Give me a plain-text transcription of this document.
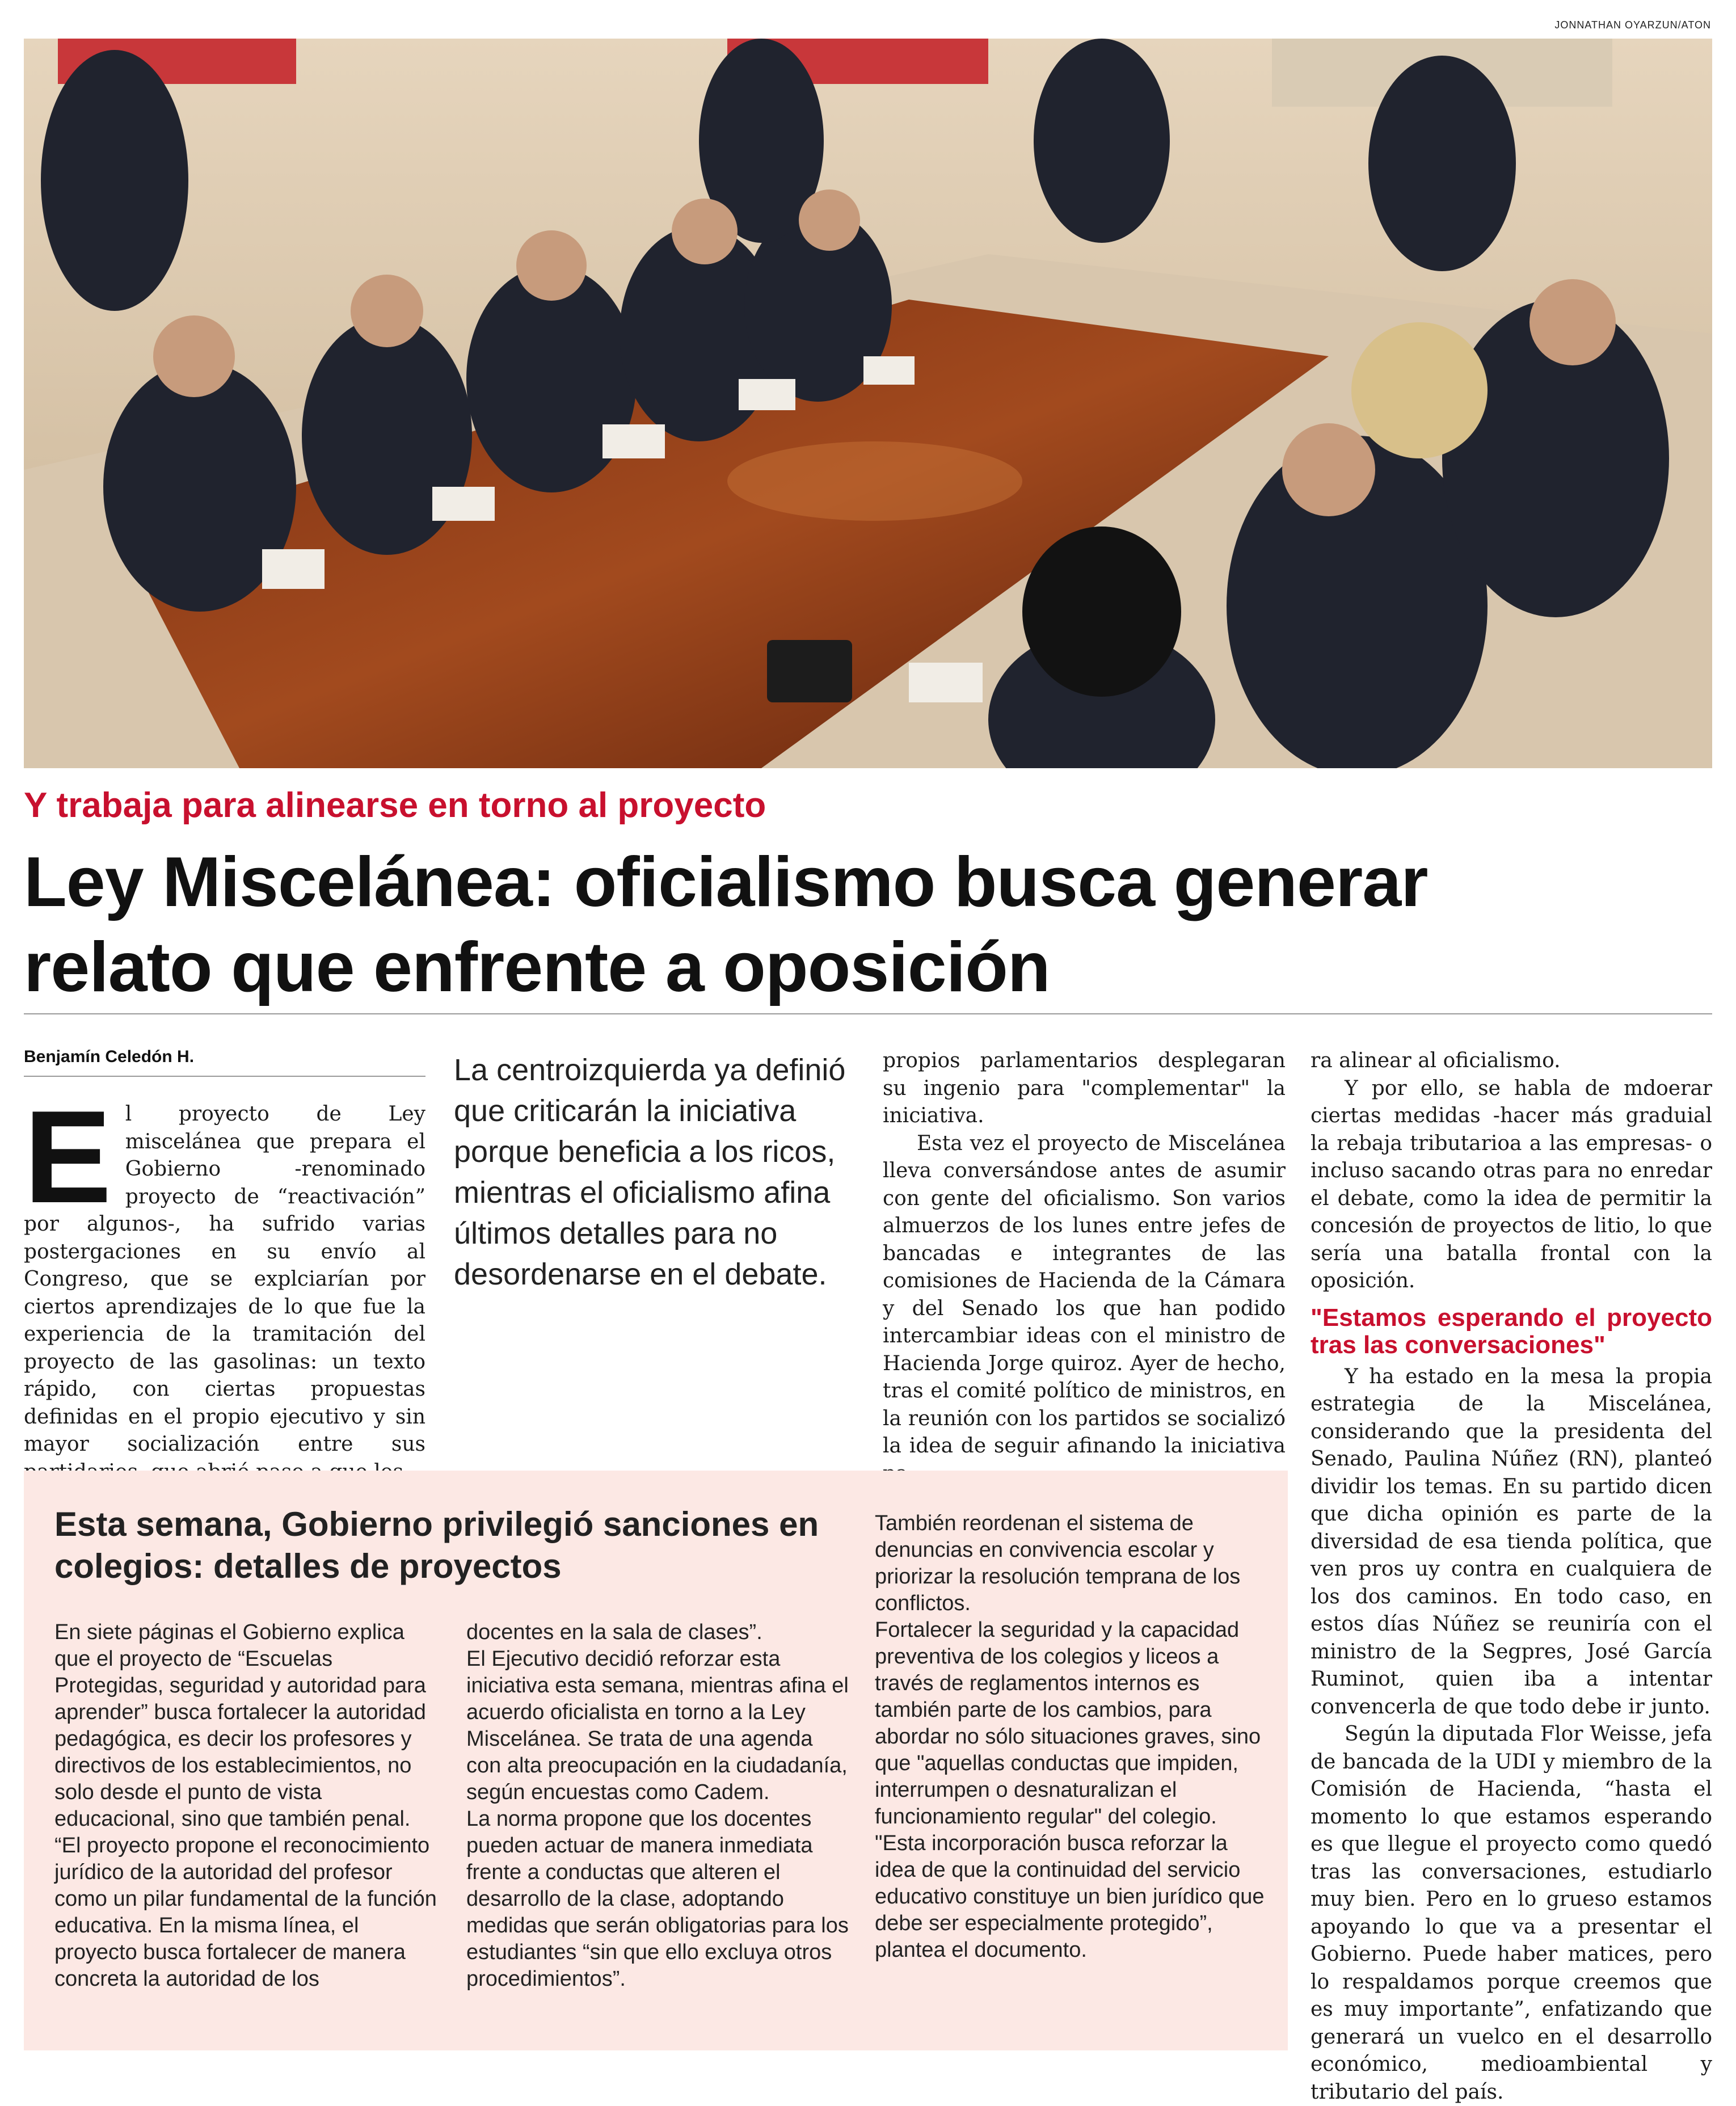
JONNATHAN OYARZUN/ATON
Y trabaja para alinearse en torno al proyecto
Ley Miscelánea: oficialismo busca generar
relato que enfrente a oposición
Benjamín Celedón H.
E l proyecto de Ley miscelánea que prepara el Gobierno -renominado proyecto de “reactivación” por algunos-, ha sufrido varias postergaciones en su envío al Congreso, que se explciarían por ciertos aprendizajes de lo que fue la experiencia de la tramitación del proyecto de las gasolinas: un texto rápido, con ciertas propuestas definidas en el propio ejecutivo y sin mayor socialización entre sus

La centroizquierda ya definió que criticarán la iniciativa porque beneficia a los ricos, mientras el oficialismo afina últimos detalles para no desordenarse en el debate.

propios parlamentarios desplegaran su ingenio para "complementar" la iniciativa.

Esta vez el proyecto de Miscelánea lleva conversándose antes de asumir con gente del oficialismo. Son varios almuerzos de los lunes entre jefes de bancadas e integrantes de las comisiones de Hacienda de la Cámara y del Senado los que han podido intercambiar ideas con el ministro de Hacienda Jorge quiroz. Ayer de hecho, tras el comité político de ministros, en la reunión con los partidos se socializó la idea de seguir afinando la iniciativa

ra alinear al oficialismo.

Y por ello, se habla de mdoerar ciertas medidas -hacer más graduial la rebaja tributarioa a las empresas- o incluso sacando otras para no enredar el debate, como la idea de permitir la concesión de proyectos de litio, lo que sería una batalla frontal con la oposición.

"Estamos esperando el proyecto tras las conversaciones"

Y ha estado en la mesa la propia estrategia de la Miscelánea, considerando que la presidenta del Senado, Paulina Núñez (RN), planteó dividir los temas. En su partido dicen que dicha opinión es parte de la diversidad de esa tienda política, que ven pros uy contra en cualquiera de los dos caminos. En todo caso, en estos días Núñez se reuniría con el ministro de la Segpres, José García Ruminot, quien iba a intentar convencerla de que todo debe ir junto.

Según la diputada Flor Weisse, jefa de bancada de la UDI y miembro de la Comisión de Hacienda, “hasta el momento lo que estamos esperando es que llegue el proyecto como quedó tras las conversaciones, estudiarlo muy bien. Pero en lo grueso estamos apoyando lo que va a presentar el Gobierno. Puede haber matices, pero lo respaldamos porque creemos que es muy importante”, enfatizando que generará un vuelco en el desarrollo económico, medioambiental y tributario del país.

Esta semana, Gobierno privilegió sanciones en colegios: detalles de proyectos

En siete páginas el Gobierno explica que el proyecto de “Escuelas Protegidas, seguridad y autoridad para aprender” busca fortalecer la autoridad pedagógica, es decir los profesores y directivos de los establecimientos, no solo desde el punto de vista educacional, sino que también penal. “El proyecto propone el reconocimiento jurídico de la autoridad del profesor como un pilar fundamental de la función educativa. En la misma línea, el proyecto busca fortalecer de manera concreta la autoridad de los

docentes en la sala de clases”.

El Ejecutivo decidió reforzar esta iniciativa esta semana, mientras afina el acuerdo oficialista en torno a la Ley Miscelánea. Se trata de una agenda con alta preocupación en la ciudadanía, según encuestas como Cadem.

La norma propone que los docentes pueden actuar de manera inmediata frente a conductas que alteren el desarrollo de la clase, adoptando medidas que serán obligatorias para los estudiantes “sin que ello excluya otros procedimientos”.

También reordenan el sistema de denuncias en convivencia escolar y priorizar la resolución temprana de los conflictos.

Fortalecer la seguridad y la capacidad preventiva de los colegios y liceos a través de reglamentos internos es también parte de los cambios, para abordar no sólo situaciones graves, sino que "aquellas conductas que impiden, interrumpen o desnaturalizan el funcionamiento regular" del colegio. "Esta incorporación busca reforzar la idea de que la continuidad del servicio educativo constituye un bien jurídico que debe ser especialmente protegido”, plantea el documento.
